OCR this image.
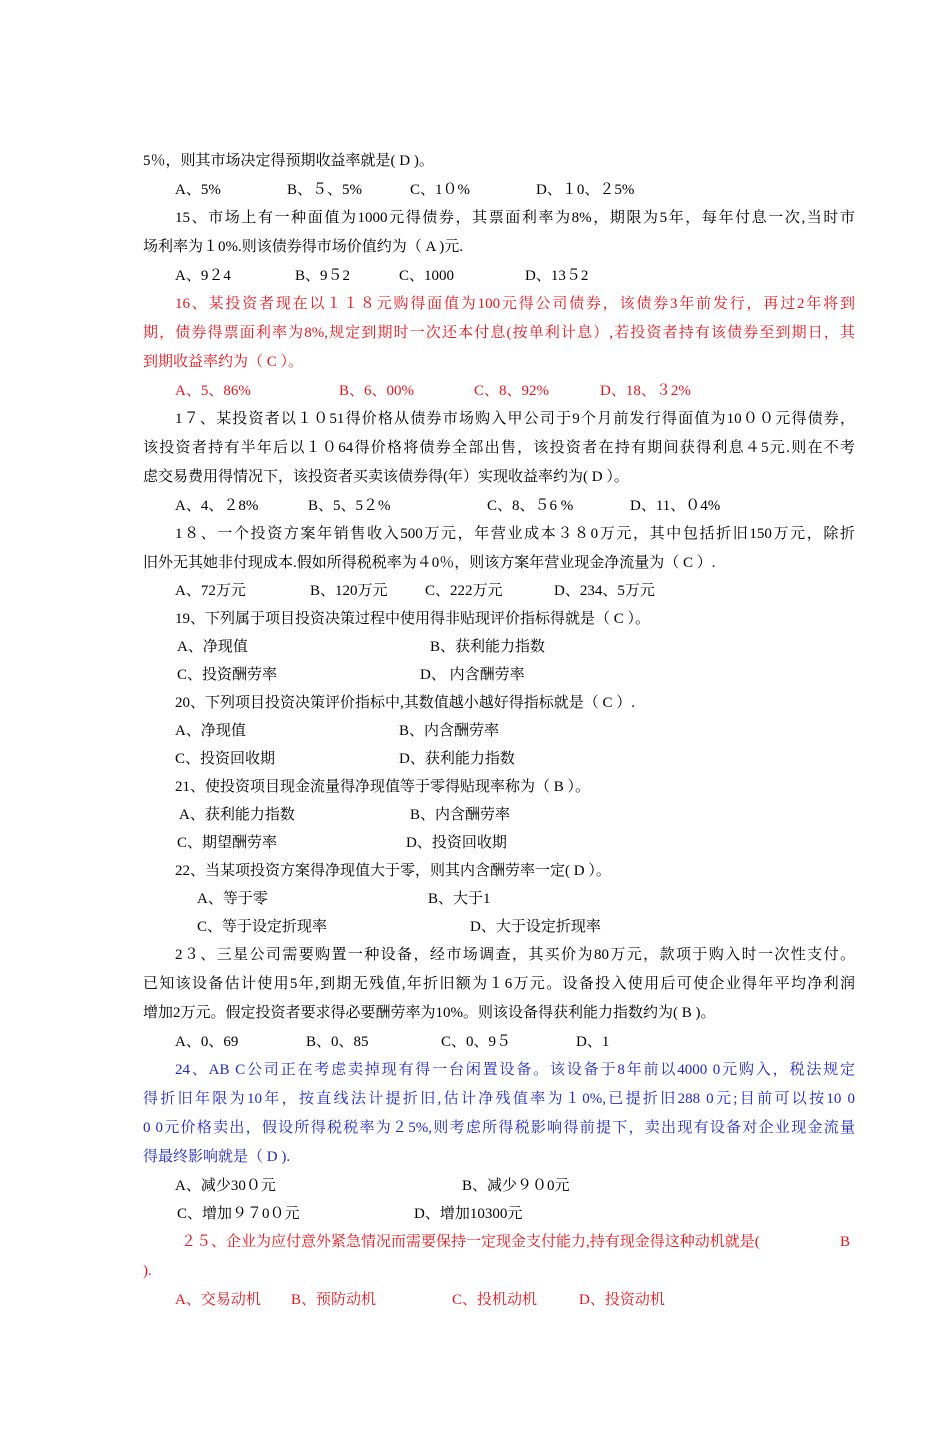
5％，则其市场决定得预期收益率就是( D )。
A、5%	B、５、5%	C、1０%	D、１0、２5%
15、市场上有一种面值为1000元得债券，其票面利率为8%，期限为5年，每年付息一次,当时市
场利率为１0%.则该债券得市场价值约为（ A )元.
A、9２4	B、9５2	C、1000	D、13５2
16、某投资者现在以１１８元购得面值为100元得公司债券，该债券3年前发行，再过2年将到
期，债券得票面利率为8%,规定到期时一次还本付息(按单利计息）,若投资者持有该债券至到期日，其
到期收益率约为（ C ）。
A、5、86%	B、6、00%	C、8、92%	D、18、３2%
1７、某投资者以１０51得价格从债券市场购入甲公司于9个月前发行得面值为10００元得债券，
该投资者持有半年后以１０64得价格将债券全部出售，该投资者在持有期间获得利息４5元.则在不考
虑交易费用得情况下，该投资者买卖该债券得(年）实现收益率约为( D ）。
A、4、２8%	B、5、5２%	C、8、５6 %	D、11、０4%
1８、一个投资方案年销售收入500万元，年营业成本３８0万元，其中包括折旧150万元，除折
旧外无其她非付现成本.假如所得税税率为４0％，则该方案年营业现金净流量为（ C ）.
A、72万元	B、120万元 C、222万元	D、234、5万元
19、下列属于项目投资决策过程中使用得非贴现评价指标得就是（ C ）。
A、净现值	B、获利能力指数
C、投资酬劳率	D、 内含酬劳率
20、下列项目投资决策评价指标中,其数值越小越好得指标就是（ C ）.
A、净现值	B、内含酬劳率
C、投资回收期	D、获利能力指数
21、使投资项目现金流量得净现值等于零得贴现率称为（ B ）。
A、获利能力指数	B、内含酬劳率
C、期望酬劳率	D、投资回收期
22、当某项投资方案得净现值大于零，则其内含酬劳率一定( D ）。
A、等于零	B、大于1
C、等于设定折现率	D、大于设定折现率
2３、三星公司需要购置一种设备，经市场调查，其买价为80万元，款项于购入时一次性支付。
已知该设备估计使用5年,到期无残值,年折旧额为１6万元。设备投入使用后可使企业得年平均净利润
增加2万元。假定投资者要求得必要酬劳率为10%。则该设备得获利能力指数约为( B )。
A、0、69	B、0、85	C、0、9５	D、1
24、AB C公司正在考虑卖掉现有得一台闲置设备。该设备于8年前以4000 0元购入，税法规定
得折旧年限为10年，按直线法计提折旧,估计净残值率为１0%,已提折旧288 0元;目前可以按10 0
0 0元价格卖出，假设所得税税率为２5%,则考虑所得税影响得前提下，卖出现有设备对企业现金流量
得最终影响就是（ D ).
A、减少30０元	B、减少９０0元
C、增加９７0０元	D、增加10300元
２５、企业为应付意外紧急情况而需要保持一定现金支付能力,持有现金得这种动机就是(	B
).
A、交易动机 B、预防动机	C、投机动机	D、投资动机
